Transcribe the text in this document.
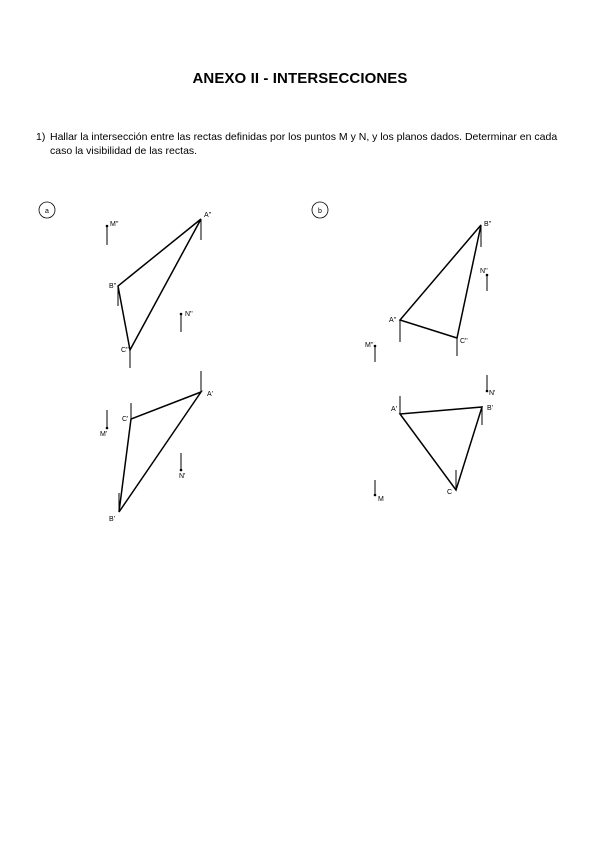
ANEXO II - INTERSECCIONES
1) Hallar la intersección entre las rectas definidas por los puntos M y N, y los planos dados. Determinar en cada caso la visibilidad de las rectas.
a
A''
B''
C''
M''
N''
A'
C'
B'
M'
N'
b
B''
A''
C''
N''
M''
A'	B'
C
N'
M
